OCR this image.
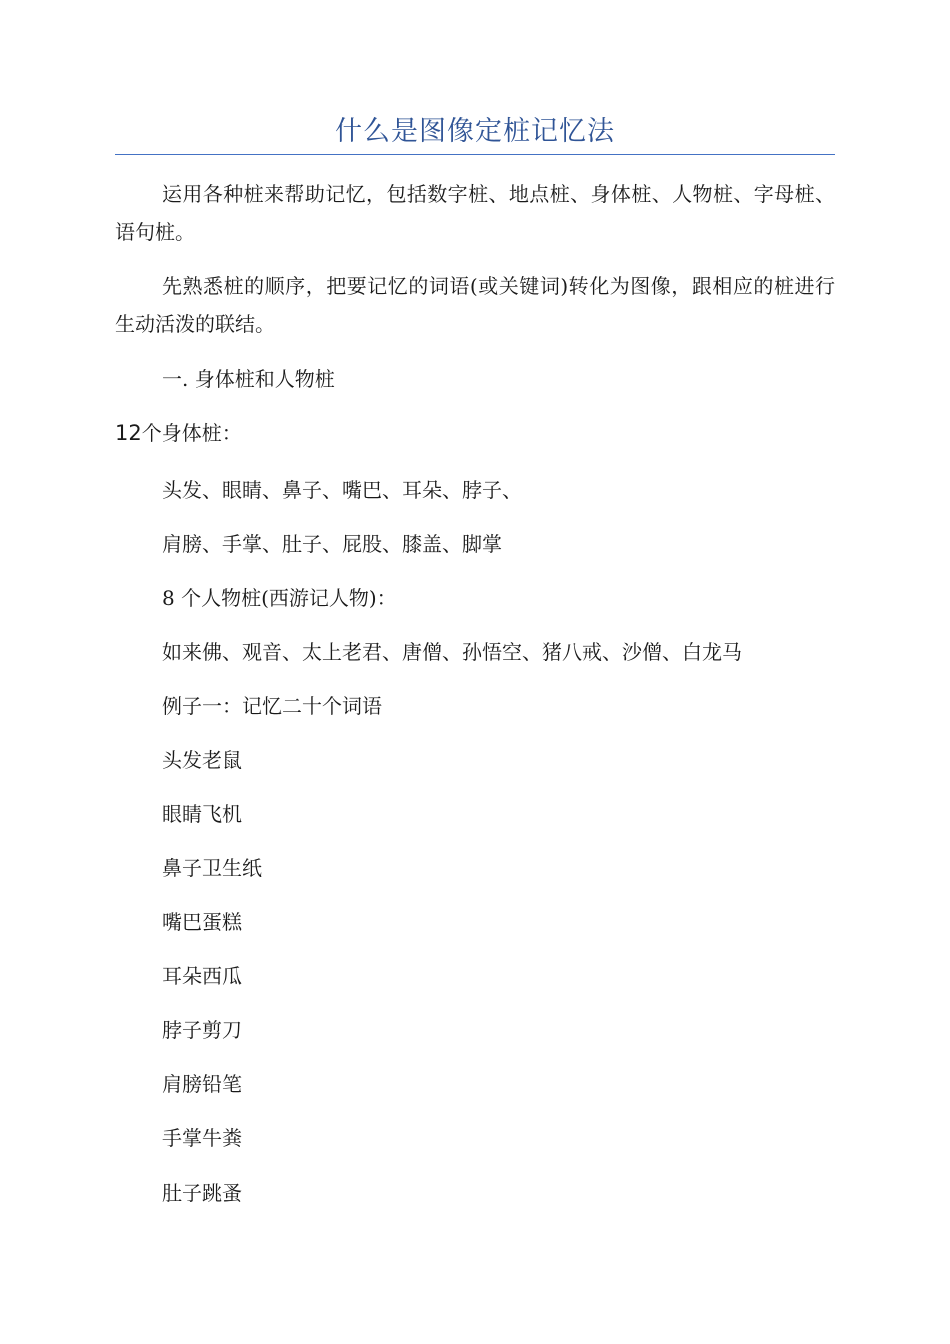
什么是图像定桩记忆法

运用各种桩来帮助记忆，包括数字桩、地点桩、身体桩、人物桩、字母桩、语句桩。

先熟悉桩的顺序，把要记忆的词语(或关键词)转化为图像，跟相应的桩进行生动活泼的联结。

一. 身体桩和人物桩
12个身体桩：
头发、眼睛、鼻子、嘴巴、耳朵、脖子、
肩膀、手掌、肚子、屁股、膝盖、脚掌
8 个人物桩(西游记人物)：
如来佛、观音、太上老君、唐僧、孙悟空、猪八戒、沙僧、白龙马
例子一：记忆二十个词语
头发老鼠
眼睛飞机
鼻子卫生纸
嘴巴蛋糕
耳朵西瓜
脖子剪刀
肩膀铅笔
手掌牛粪
肚子跳蚤
